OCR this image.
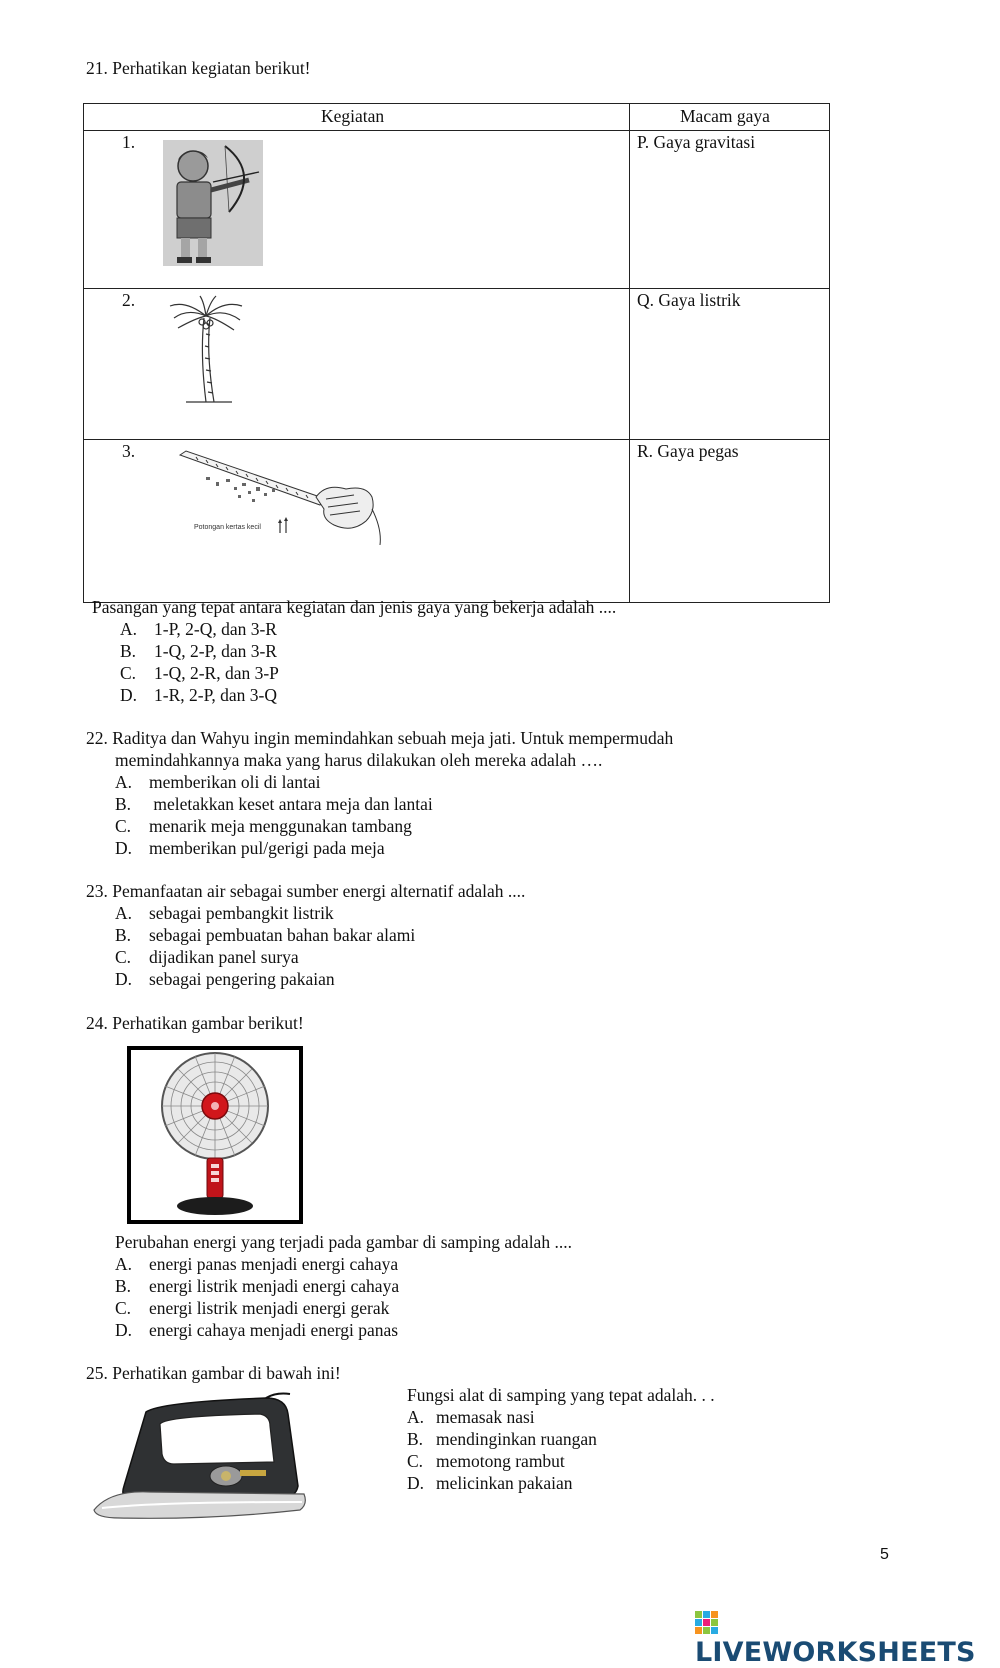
21. Perhatikan kegiatan berikut!
Kegiatan	Macam gaya
1.	P. Gaya gravitasi
2.	Q. Gaya listrik
3.	R. Gaya pegas
Potongan kertas kecil
Pasangan yang tepat antara kegiatan dan jenis gaya yang bekerja adalah ....
A. 1-P, 2-Q, dan 3-R
B. 1-Q, 2-P, dan 3-R
C. 1-Q, 2-R, dan 3-P
D. 1-R, 2-P, dan 3-Q
22. Raditya dan Wahyu ingin memindahkan sebuah meja jati. Untuk mempermudah
memindahkannya maka yang harus dilakukan oleh mereka adalah ….
A. memberikan oli di lantai
B. meletakkan keset antara meja dan lantai
C. menarik meja menggunakan tambang
D. memberikan pul/gerigi pada meja
23. Pemanfaatan air sebagai sumber energi alternatif adalah ....
A. sebagai pembangkit listrik
B. sebagai pembuatan bahan bakar alami
C. dijadikan panel surya
D. sebagai pengering pakaian
24. Perhatikan gambar berikut!
Perubahan energi yang terjadi pada gambar di samping adalah ....
A. energi panas menjadi energi cahaya
B. energi listrik menjadi energi cahaya
C. energi listrik menjadi energi gerak
D. energi cahaya menjadi energi panas
25. Perhatikan gambar di bawah ini!
Fungsi alat di samping yang tepat adalah. . .
A. memasak nasi
B. mendinginkan ruangan
C. memotong rambut
D. melicinkan pakaian
5
LIVEWORKSHEETS
